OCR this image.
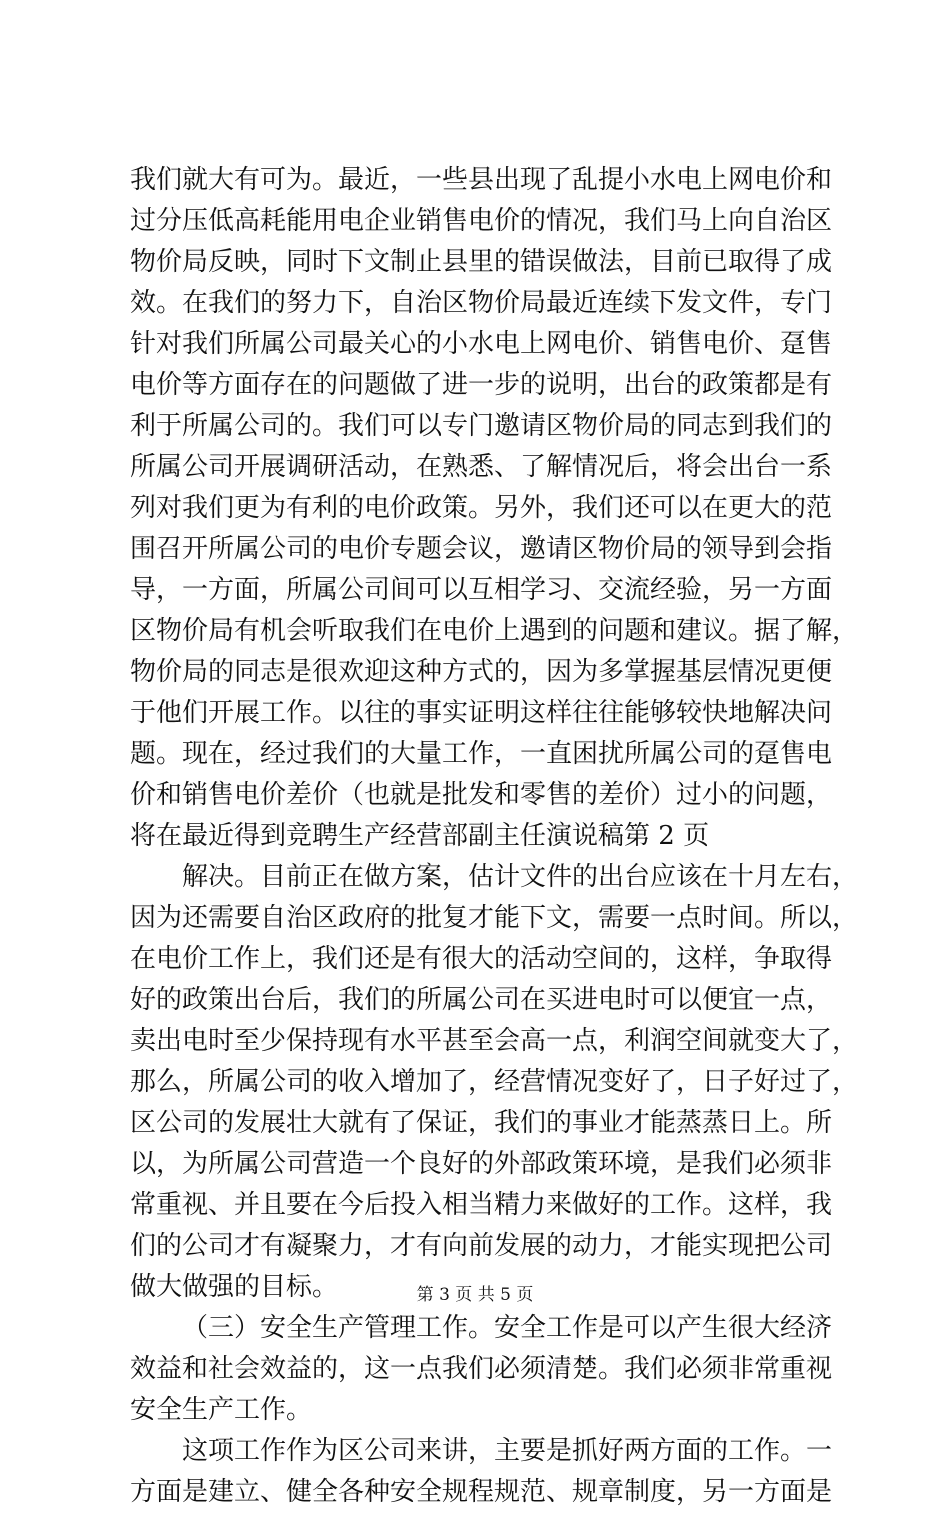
我们就大有可为。最近，一些县出现了乱提小水电上网电价和
过分压低高耗能用电企业销售电价的情况，我们马上向自治区
物价局反映，同时下文制止县里的错误做法，目前已取得了成
效。在我们的努力下，自治区物价局最近连续下发文件，专门
针对我们所属公司最关心的小水电上网电价、销售电价、趸售
电价等方面存在的问题做了进一步的说明，出台的政策都是有
利于所属公司的。我们可以专门邀请区物价局的同志到我们的
所属公司开展调研活动，在熟悉、了解情况后，将会出台一系
列对我们更为有利的电价政策。另外，我们还可以在更大的范
围召开所属公司的电价专题会议，邀请区物价局的领导到会指
导，一方面，所属公司间可以互相学习、交流经验，另一方面
区物价局有机会听取我们在电价上遇到的问题和建议。据了解，
物价局的同志是很欢迎这种方式的，因为多掌握基层情况更便
于他们开展工作。以往的事实证明这样往往能够较快地解决问
题。现在，经过我们的大量工作，一直困扰所属公司的趸售电
价和销售电价差价（也就是批发和零售的差价）过小的问题，
将在最近得到竞聘生产经营部副主任演说稿第 2 页
解决。目前正在做方案，估计文件的出台应该在十月左右，
因为还需要自治区政府的批复才能下文，需要一点时间。所以，
在电价工作上，我们还是有很大的活动空间的，这样，争取得
好的政策出台后，我们的所属公司在买进电时可以便宜一点，
卖出电时至少保持现有水平甚至会高一点，利润空间就变大了，
那么，所属公司的收入增加了，经营情况变好了，日子好过了，
区公司的发展壮大就有了保证，我们的事业才能蒸蒸日上。所
以，为所属公司营造一个良好的外部政策环境，是我们必须非
常重视、并且要在今后投入相当精力来做好的工作。这样，我
们的公司才有凝聚力，才有向前发展的动力，才能实现把公司
做大做强的目标。
（三）安全生产管理工作。安全工作是可以产生很大经济
效益和社会效益的，这一点我们必须清楚。我们必须非常重视
安全生产工作。
这项工作作为区公司来讲，主要是抓好两方面的工作。一
方面是建立、健全各种安全规程规范、规章制度，另一方面是
第 3 页 共 5 页
